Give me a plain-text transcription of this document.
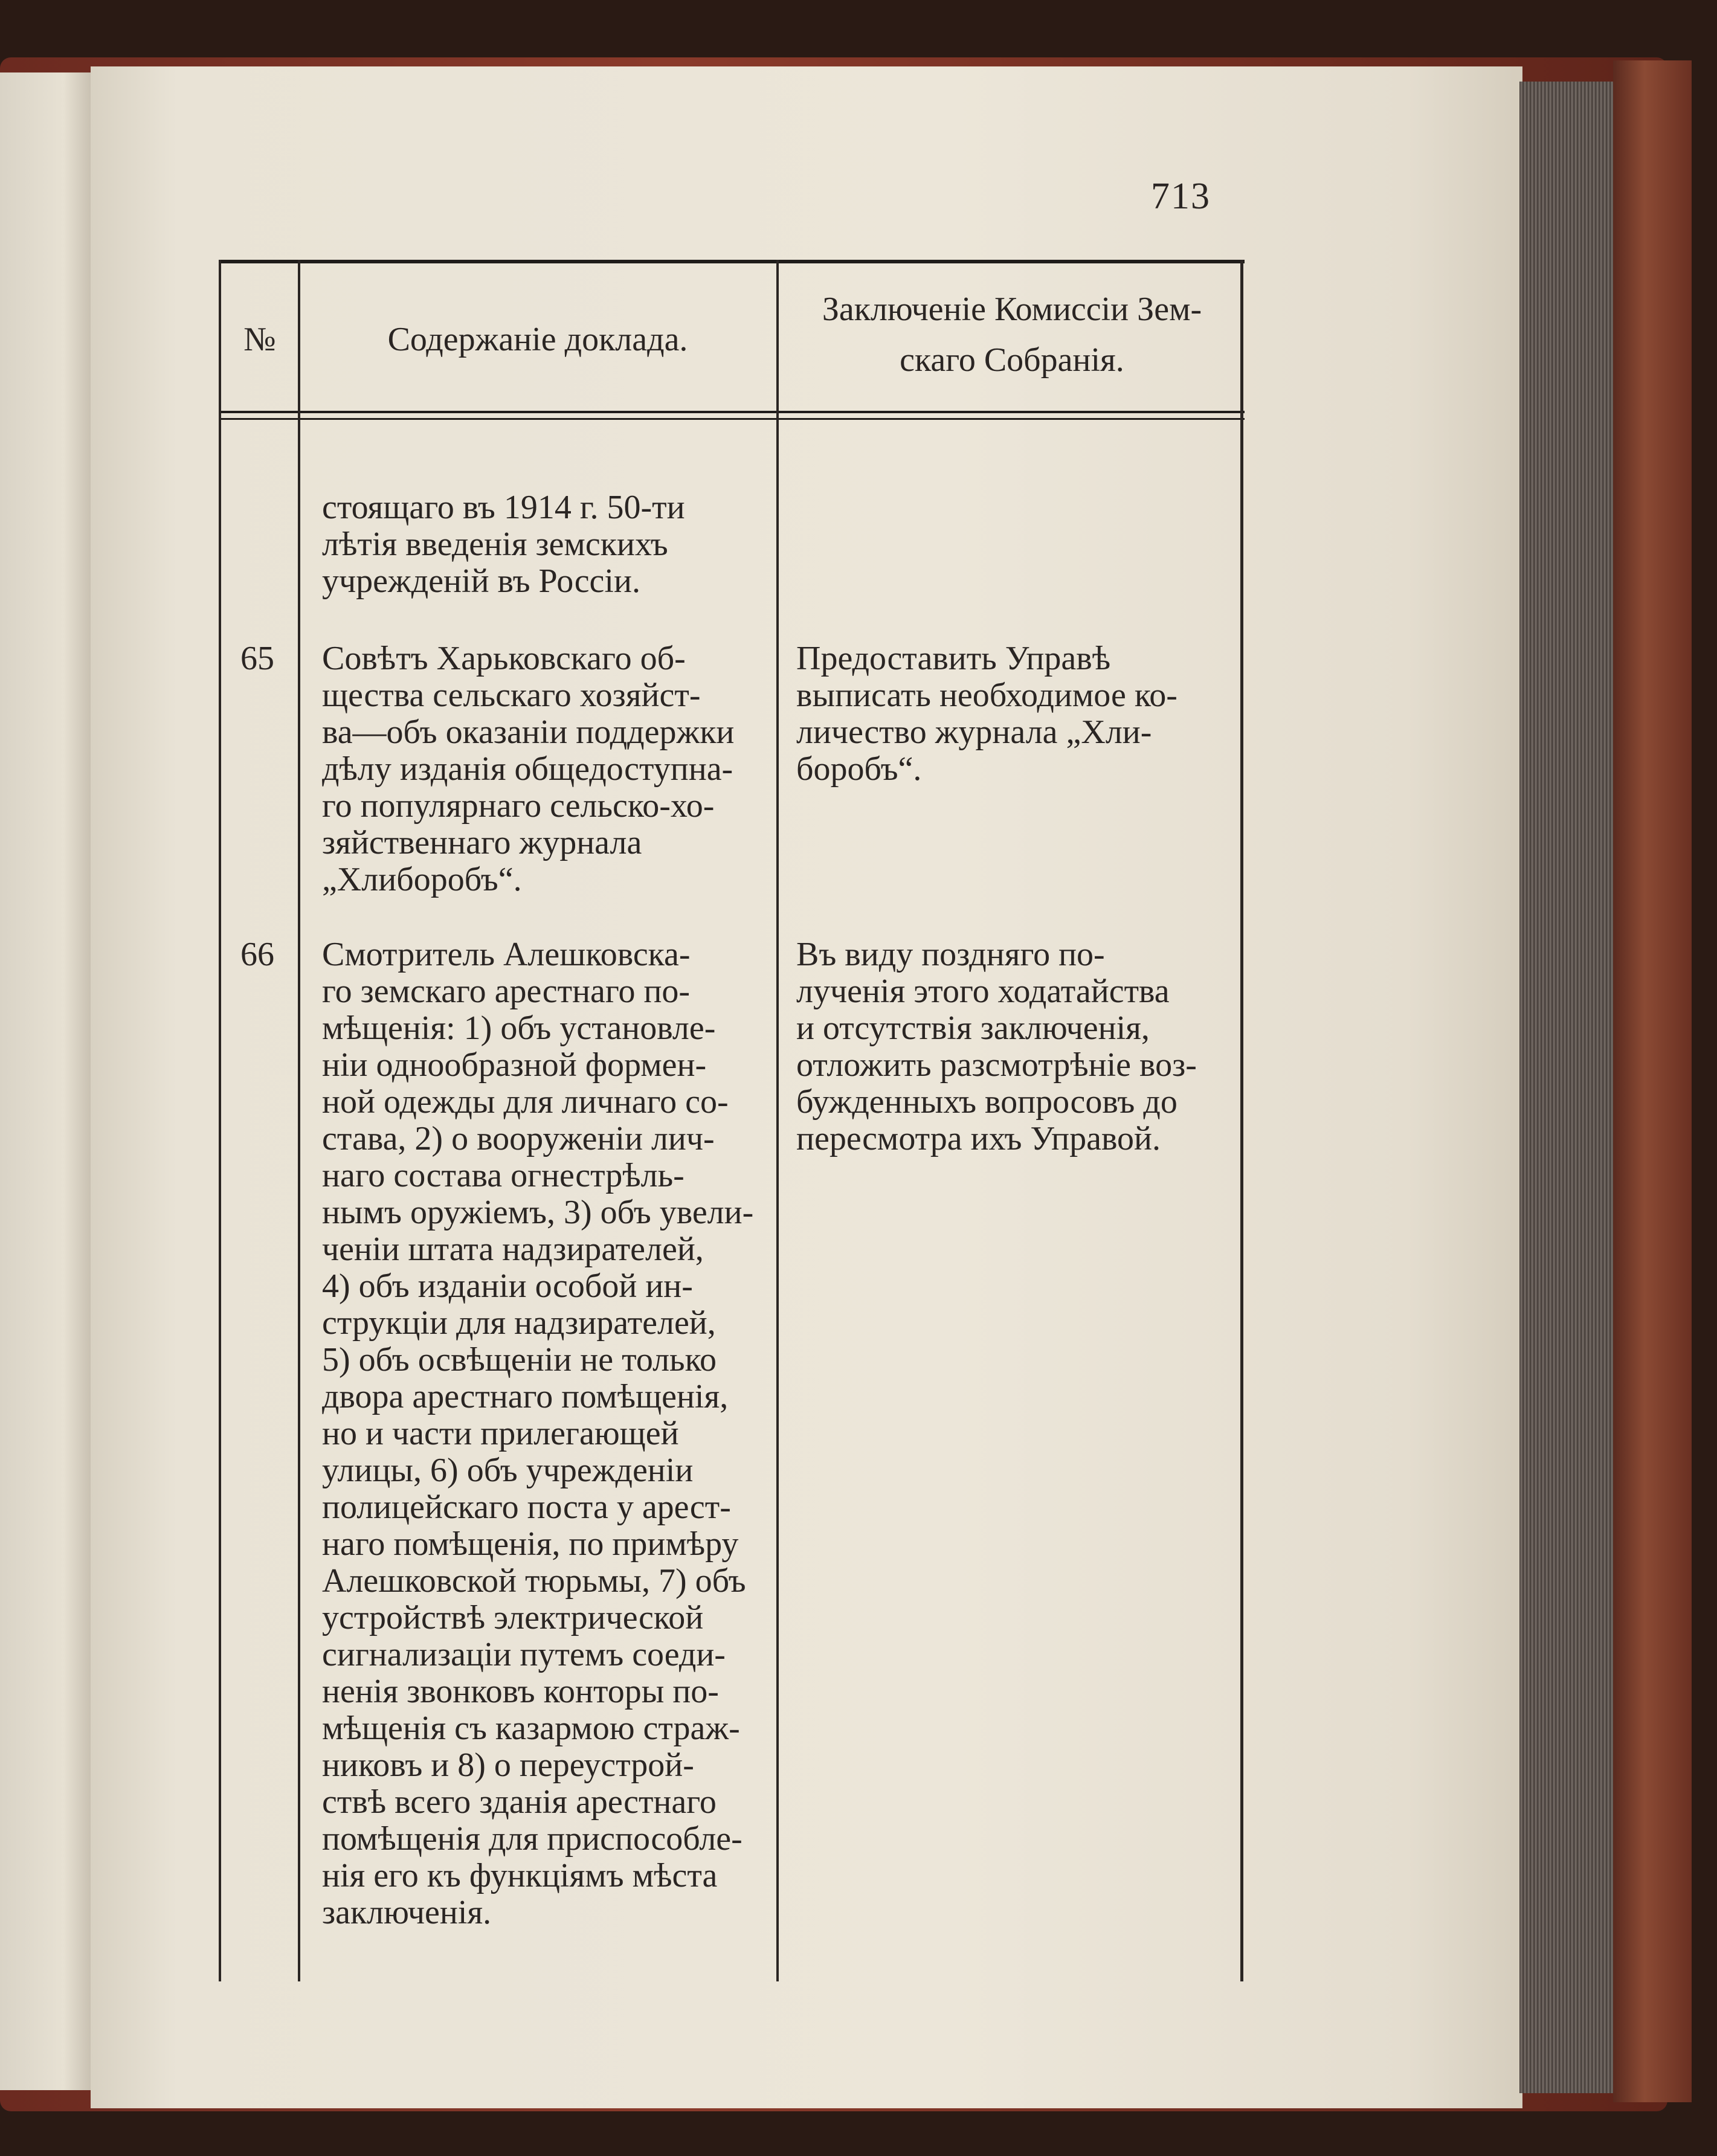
713
№	Содержаніе доклада.
Заключеніе Комиссіи Зем-
скаго Собранія.
стоящаго въ 1914 г. 50-ти
лѣтія введенія земскихъ
учрежденій въ Россіи.
65 Совѣтъ Харьковскаго об-
щества сельскаго хозяйст-
ва—объ оказаніи поддержки
дѣлу изданія общедоступна-
го популярнаго сельско-хо-
зяйственнаго журнала
„Хлиборобъ“.
Предоставить Управѣ
выписать необходимое ко-
личество журнала „Хли-
боробъ“.
66 Смотритель Алешковска-
го земскаго арестнаго по-
мѣщенія: 1) объ установле-
ніи однообразной формен-
ной одежды для личнаго со-
става, 2) о вооруженіи лич-
наго состава огнестрѣль-
нымъ оружіемъ, 3) объ увели-
ченіи штата надзирателей,
4) объ изданіи особой ин-
струкціи для надзирателей,
5) объ освѣщеніи не только
двора арестнаго помѣщенія,
но и части прилегающей
улицы, 6) объ учрежденіи
полицейскаго поста у арест-
наго помѣщенія, по примѣру
Алешковской тюрьмы, 7) объ
устройствѣ электрической
сигнализаціи путемъ соеди-
ненія звонковъ конторы по-
мѣщенія съ казармою страж-
никовъ и 8) о переустрой-
ствѣ всего зданія арестнаго
помѣщенія для приспособле-
нія его къ функціямъ мѣста
заключенія.
Въ виду поздняго по-
лученія этого ходатайства
и отсутствія заключенія,
отложить разсмотрѣніе воз-
бужденныхъ вопросовъ до
пересмотра ихъ Управой.
